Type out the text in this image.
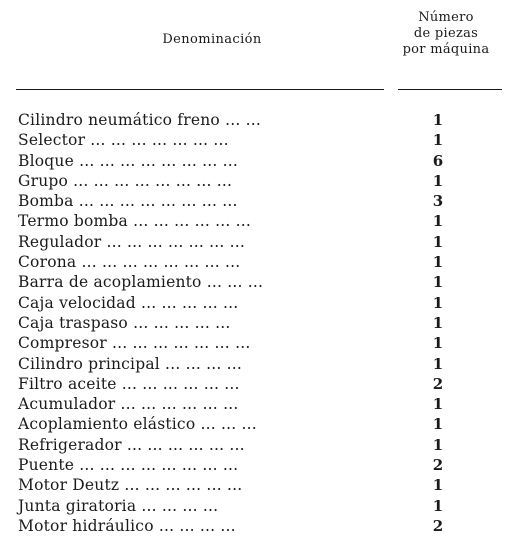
Denominación
Número
de piezas
por máquina
Cilindro neumático freno ... ...	1
Selector ... ... ... ... ... ... ...	1
Bloque ... ... ... ... ... ... ... ...	6
Grupo ... ... ... ... ... ... ... ...	1
Bomba ... ... ... ... ... ... ... ...	3
Termo bomba ... ... ... ... ... ...	1
Regulador ... ... ... ... ... ... ...	1
Corona ... ... ... ... ... ... ... ...	1
Barra de acoplamiento ... ... ...	1
Caja velocidad ... ... ... ... ...	1
Caja traspaso ... ... ... ... ...	1
Compresor ... ... ... ... ... ... ...	1
Cilindro principal ... ... ... ...	1
Filtro aceite ... ... ... ... ... ...	2
Acumulador ... ... ... ... ... ...	1
Acoplamiento elástico ... ... ...	1
Refrigerador ... ... ... ... ... ...	1
Puente ... ... ... ... ... ... ... ...	2
Motor Deutz ... ... ... ... ... ...	1
Junta giratoria ... ... ... ...	1
Motor hidráulico ... ... ... ...	2
